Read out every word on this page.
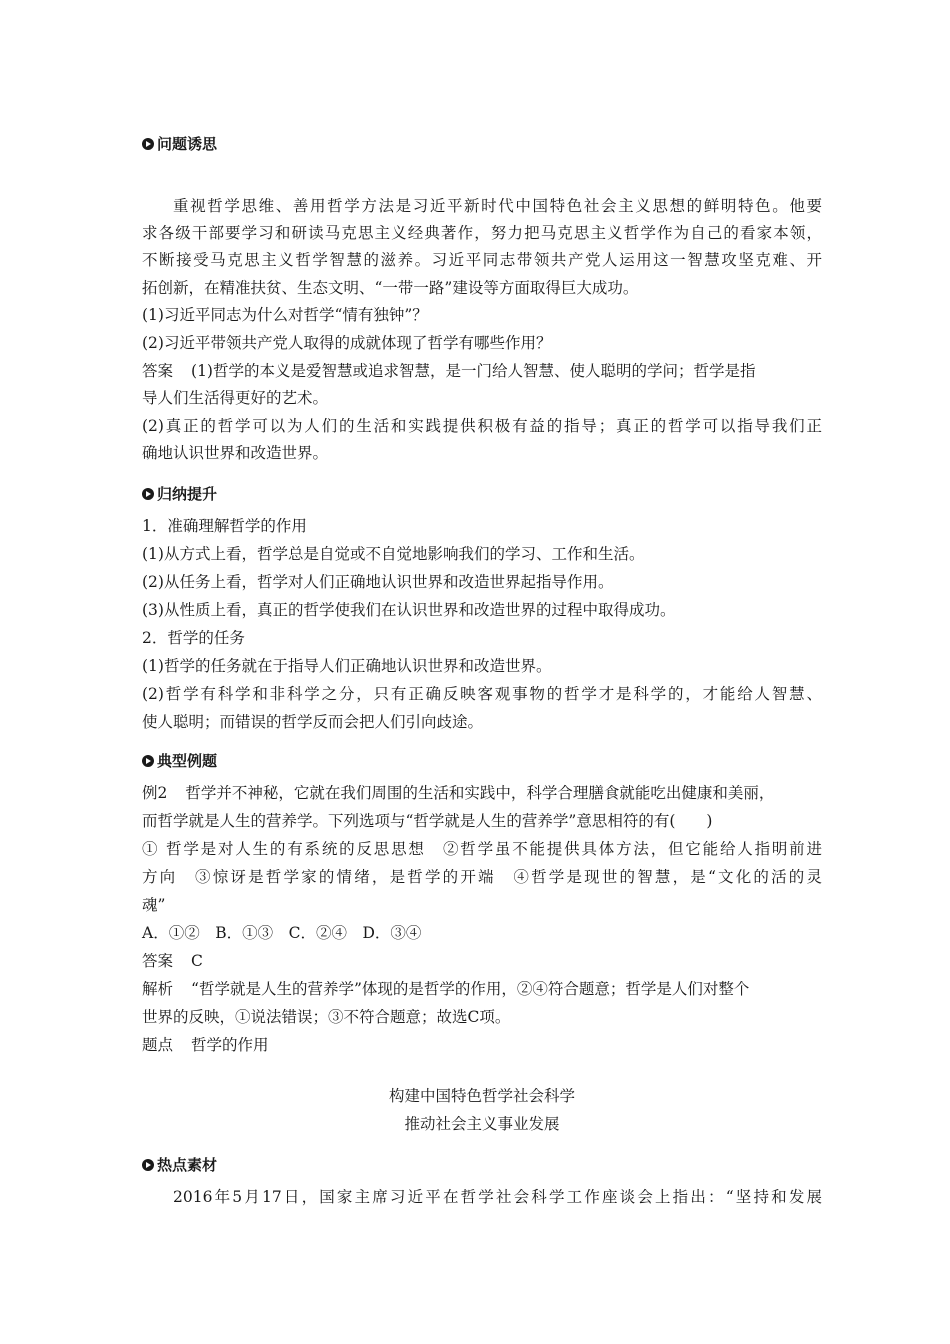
问题诱思
重视哲学思维、善用哲学方法是习近平新时代中国特色社会主义思想的鲜明特色。他要
求各级干部要学习和研读马克思主义经典著作，努力把马克思主义哲学作为自己的看家本领，
不断接受马克思主义哲学智慧的滋养。习近平同志带领共产党人运用这一智慧攻坚克难、开
拓创新，在精准扶贫、生态文明、“一带一路”建设等方面取得巨大成功。
(1)习近平同志为什么对哲学“情有独钟”？
(2)习近平带领共产党人取得的成就体现了哲学有哪些作用？
答案 (1)哲学的本义是爱智慧或追求智慧，是一门给人智慧、使人聪明的学问；哲学是指
导人们生活得更好的艺术。
(2)真正的哲学可以为人们的生活和实践提供积极有益的指导；真正的哲学可以指导我们正
确地认识世界和改造世界。
归纳提升
1．准确理解哲学的作用
(1)从方式上看，哲学总是自觉或不自觉地影响我们的学习、工作和生活。
(2)从任务上看，哲学对人们正确地认识世界和改造世界起指导作用。
(3)从性质上看，真正的哲学使我们在认识世界和改造世界的过程中取得成功。
2．哲学的任务
(1)哲学的任务就在于指导人们正确地认识世界和改造世界。
(2)哲学有科学和非科学之分，只有正确反映客观事物的哲学才是科学的，才能给人智慧、
使人聪明；而错误的哲学反而会把人们引向歧途。
典型例题
例2 哲学并不神秘，它就在我们周围的生活和实践中，科学合理膳食就能吃出健康和美丽，
而哲学就是人生的营养学。下列选项与“哲学就是人生的营养学”意思相符的有(　　)
① 哲学是对人生的有系统的反思思想　②哲学虽不能提供具体方法，但它能给人指明前进
方向　③惊讶是哲学家的情绪，是哲学的开端　④哲学是现世的智慧，是“文化的活的灵
魂”
A．①②　B．①③　C．②④　D．③④
答案 C
解析 “哲学就是人生的营养学”体现的是哲学的作用，②④符合题意；哲学是人们对整个
世界的反映，①说法错误；③不符合题意；故选C项。
题点 哲学的作用
构建中国特色哲学社会科学
推动社会主义事业发展
热点素材
2016年5月17日，国家主席习近平在哲学社会科学工作座谈会上指出：“坚持和发展
